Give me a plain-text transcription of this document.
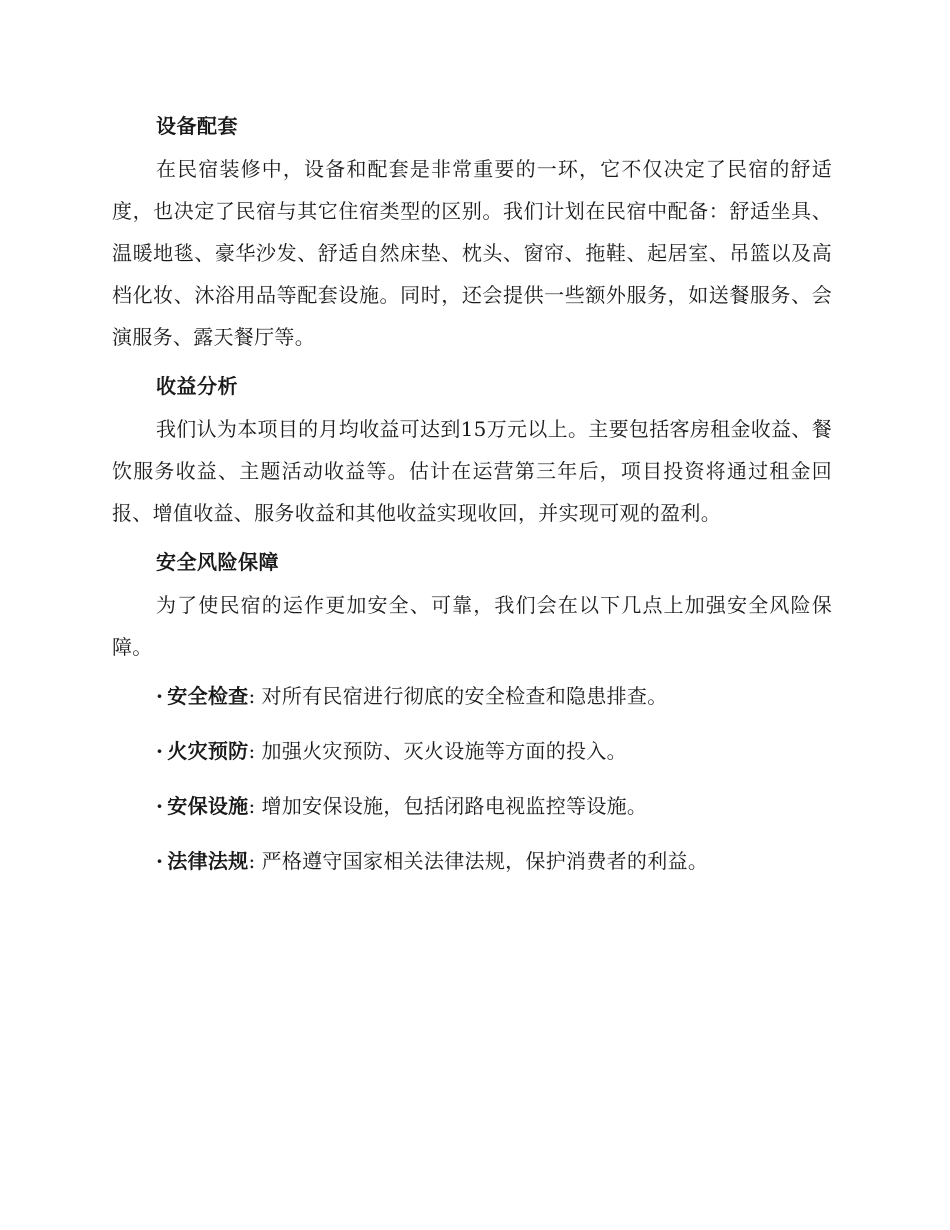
设备配套

在民宿装修中，设备和配套是非常重要的一环，它不仅决定了民宿的舒适度，也决定了民宿与其它住宿类型的区别。我们计划在民宿中配备：舒适坐具、温暖地毯、豪华沙发、舒适自然床垫、枕头、窗帘、拖鞋、起居室、吊篮以及高档化妆、沐浴用品等配套设施。同时，还会提供一些额外服务，如送餐服务、会演服务、露天餐厅等。

收益分析

我们认为本项目的月均收益可达到15万元以上。主要包括客房租金收益、餐饮服务收益、主题活动收益等。估计在运营第三年后，项目投资将通过租金回报、增值收益、服务收益和其他收益实现收回，并实现可观的盈利。

安全风险保障

为了使民宿的运作更加安全、可靠，我们会在以下几点上加强安全风险保障。

· 安全检查: 对所有民宿进行彻底的安全检查和隐患排查。
· 火灾预防: 加强火灾预防、灭火设施等方面的投入。
· 安保设施: 增加安保设施，包括闭路电视监控等设施。
· 法律法规: 严格遵守国家相关法律法规，保护消费者的利益。
